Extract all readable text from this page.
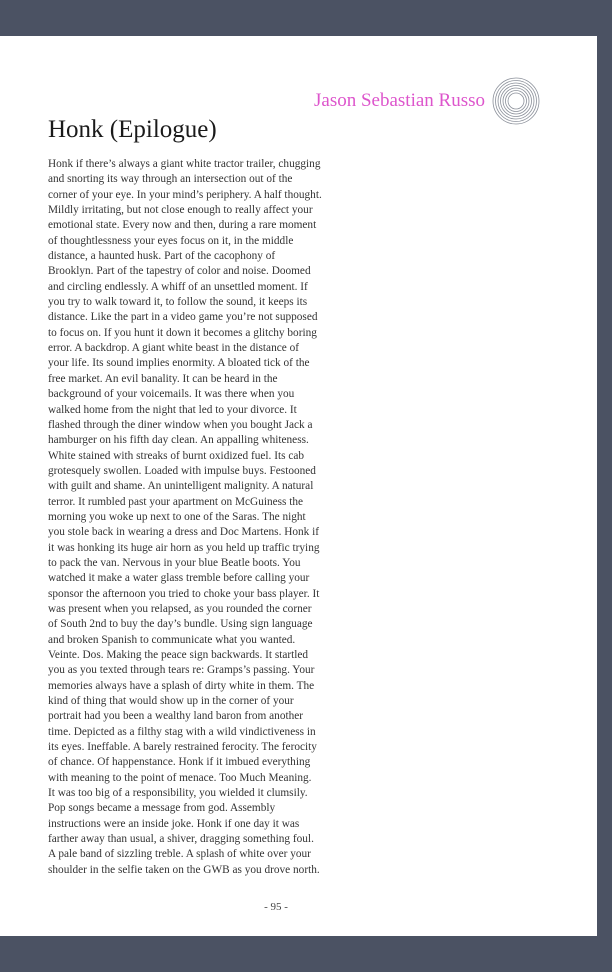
Jason Sebastian Russo
Honk (Epilogue)

Honk if there’s always a giant white tractor trailer, chugging
and snorting its way through an intersection out of the
corner of your eye. In your mind’s periphery. A half thought.
Mildly irritating, but not close enough to really affect your
emotional state. Every now and then, during a rare moment
of thoughtlessness your eyes focus on it, in the middle
distance, a haunted husk. Part of the cacophony of
Brooklyn. Part of the tapestry of color and noise. Doomed
and circling endlessly. A whiff of an unsettled moment. If
you try to walk toward it, to follow the sound, it keeps its
distance. Like the part in a video game you’re not supposed
to focus on. If you hunt it down it becomes a glitchy boring
error. A backdrop. A giant white beast in the distance of
your life. Its sound implies enormity. A bloated tick of the
free market. An evil banality. It can be heard in the
background of your voicemails. It was there when you
walked home from the night that led to your divorce. It
flashed through the diner window when you bought Jack a
hamburger on his fifth day clean. An appalling whiteness.
White stained with streaks of burnt oxidized fuel. Its cab
grotesquely swollen. Loaded with impulse buys. Festooned
with guilt and shame. An unintelligent malignity. A natural
terror. It rumbled past your apartment on McGuiness the
morning you woke up next to one of the Saras. The night
you stole back in wearing a dress and Doc Martens. Honk if
it was honking its huge air horn as you held up traffic trying
to pack the van. Nervous in your blue Beatle boots. You
watched it make a water glass tremble before calling your
sponsor the afternoon you tried to choke your bass player. It
was present when you relapsed, as you rounded the corner
of South 2nd to buy the day’s bundle. Using sign language
and broken Spanish to communicate what you wanted.
Veinte. Dos. Making the peace sign backwards. It startled
you as you texted through tears re: Gramps’s passing. Your
memories always have a splash of dirty white in them. The
kind of thing that would show up in the corner of your
portrait had you been a wealthy land baron from another
time. Depicted as a filthy stag with a wild vindictiveness in
its eyes. Ineffable. A barely restrained ferocity. The ferocity
of chance. Of happenstance. Honk if it imbued everything
with meaning to the point of menace. Too Much Meaning.
It was too big of a responsibility, you wielded it clumsily.
Pop songs became a message from god. Assembly
instructions were an inside joke. Honk if one day it was
farther away than usual, a shiver, dragging something foul.
A pale band of sizzling treble. A splash of white over your
shoulder in the selfie taken on the GWB as you drove north.

- 95 -
